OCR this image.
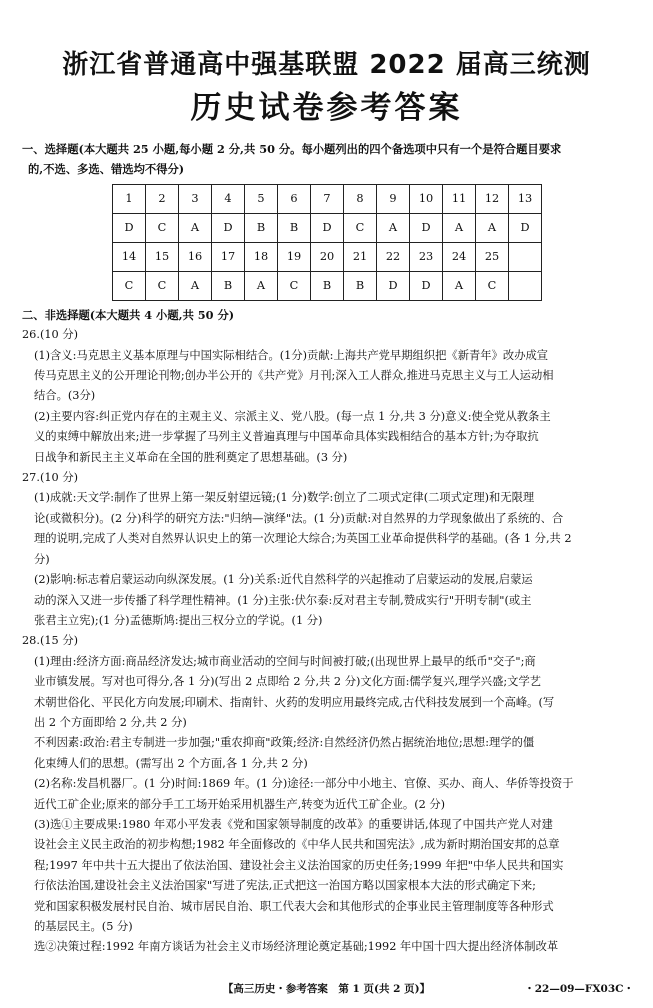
浙江省普通高中强基联盟 2022 届高三统测
历史试卷参考答案
一、选择题(本大题共 25 小题,每小题 2 分,共 50 分。每小题列出的四个备选项中只有一个是符合题目要求
的,不选、多选、错选均不得分)
1	2	3	4	5	6	7	8	9	10	11	12	13
D	C	A	D	B	B	D	C	A	D	A	A	D
14	15	16	17	18	19	20	21	22	23	24	25	
C	C	A	B	A	C	B	B	D	D	A	C	
二、非选择题(本大题共 4 小题,共 50 分)
26.(10 分)
(1)含义:马克思主义基本原理与中国实际相结合。(1分)贡献:上海共产党早期组织把《新青年》改办成宣
传马克思主义的公开理论刊物;创办半公开的《共产党》月刊;深入工人群众,推进马克思主义与工人运动相
结合。(3分)
(2)主要内容:纠正党内存在的主观主义、宗派主义、党八股。(每一点 1 分,共 3 分)意义:使全党从教条主
义的束缚中解放出来;进一步掌握了马列主义普遍真理与中国革命具体实践相结合的基本方针;为夺取抗
日战争和新民主主义革命在全国的胜利奠定了思想基础。(3 分)
27.(10 分)
(1)成就:天文学:制作了世界上第一架反射望远镜;(1 分)数学:创立了二项式定律(二项式定理)和无限理
论(或微积分)。(2 分)科学的研究方法:"归纳—演绎"法。(1 分)贡献:对自然界的力学现象做出了系统的、合
理的说明,完成了人类对自然界认识史上的第一次理论大综合;为英国工业革命提供科学的基础。(各 1 分,共 2
分)
(2)影响:标志着启蒙运动向纵深发展。(1 分)关系:近代自然科学的兴起推动了启蒙运动的发展,启蒙运
动的深入又进一步传播了科学理性精神。(1 分)主张:伏尔泰:反对君主专制,赞成实行"开明专制"(或主
张君主立宪);(1 分)孟德斯鸠:提出三权分立的学说。(1 分)
28.(15 分)
(1)理由:经济方面:商品经济发达;城市商业活动的空间与时间被打破;(出现世界上最早的纸币"交子";商
业市镇发展。写对也可得分,各 1 分)(写出 2 点即给 2 分,共 2 分)文化方面:儒学复兴,理学兴盛;文学艺
术朝世俗化、平民化方向发展;印刷术、指南针、火药的发明应用最终完成,古代科技发展到一个高峰。(写
出 2 个方面即给 2 分,共 2 分)
不利因素:政治:君主专制进一步加强;"重农抑商"政策;经济:自然经济仍然占据统治地位;思想:理学的僵
化束缚人们的思想。(需写出 2 个方面,各 1 分,共 2 分)
(2)名称:发昌机器厂。(1 分)时间:1869 年。(1 分)途径:一部分中小地主、官僚、买办、商人、华侨等投资于
近代工矿企业;原来的部分手工工场开始采用机器生产,转变为近代工矿企业。(2 分)
(3)选①主要成果:1980 年邓小平发表《党和国家领导制度的改革》的重要讲话,体现了中国共产党人对建
设社会主义民主政治的初步构想;1982 年全面修改的《中华人民共和国宪法》,成为新时期治国安邦的总章
程;1997 年中共十五大提出了依法治国、建设社会主义法治国家的历史任务;1999 年把"中华人民共和国实
行依法治国,建设社会主义法治国家"写进了宪法,正式把这一治国方略以国家根本大法的形式确定下来;
党和国家积极发展村民自治、城市居民自治、职工代表大会和其他形式的企事业民主管理制度等各种形式
的基层民主。(5 分)
选②决策过程:1992 年南方谈话为社会主义市场经济理论奠定基础;1992 年中国十四大提出经济体制改革
【高三历史・参考答案　第 1 页(共 2 页)】	・22—09—FX03C・
